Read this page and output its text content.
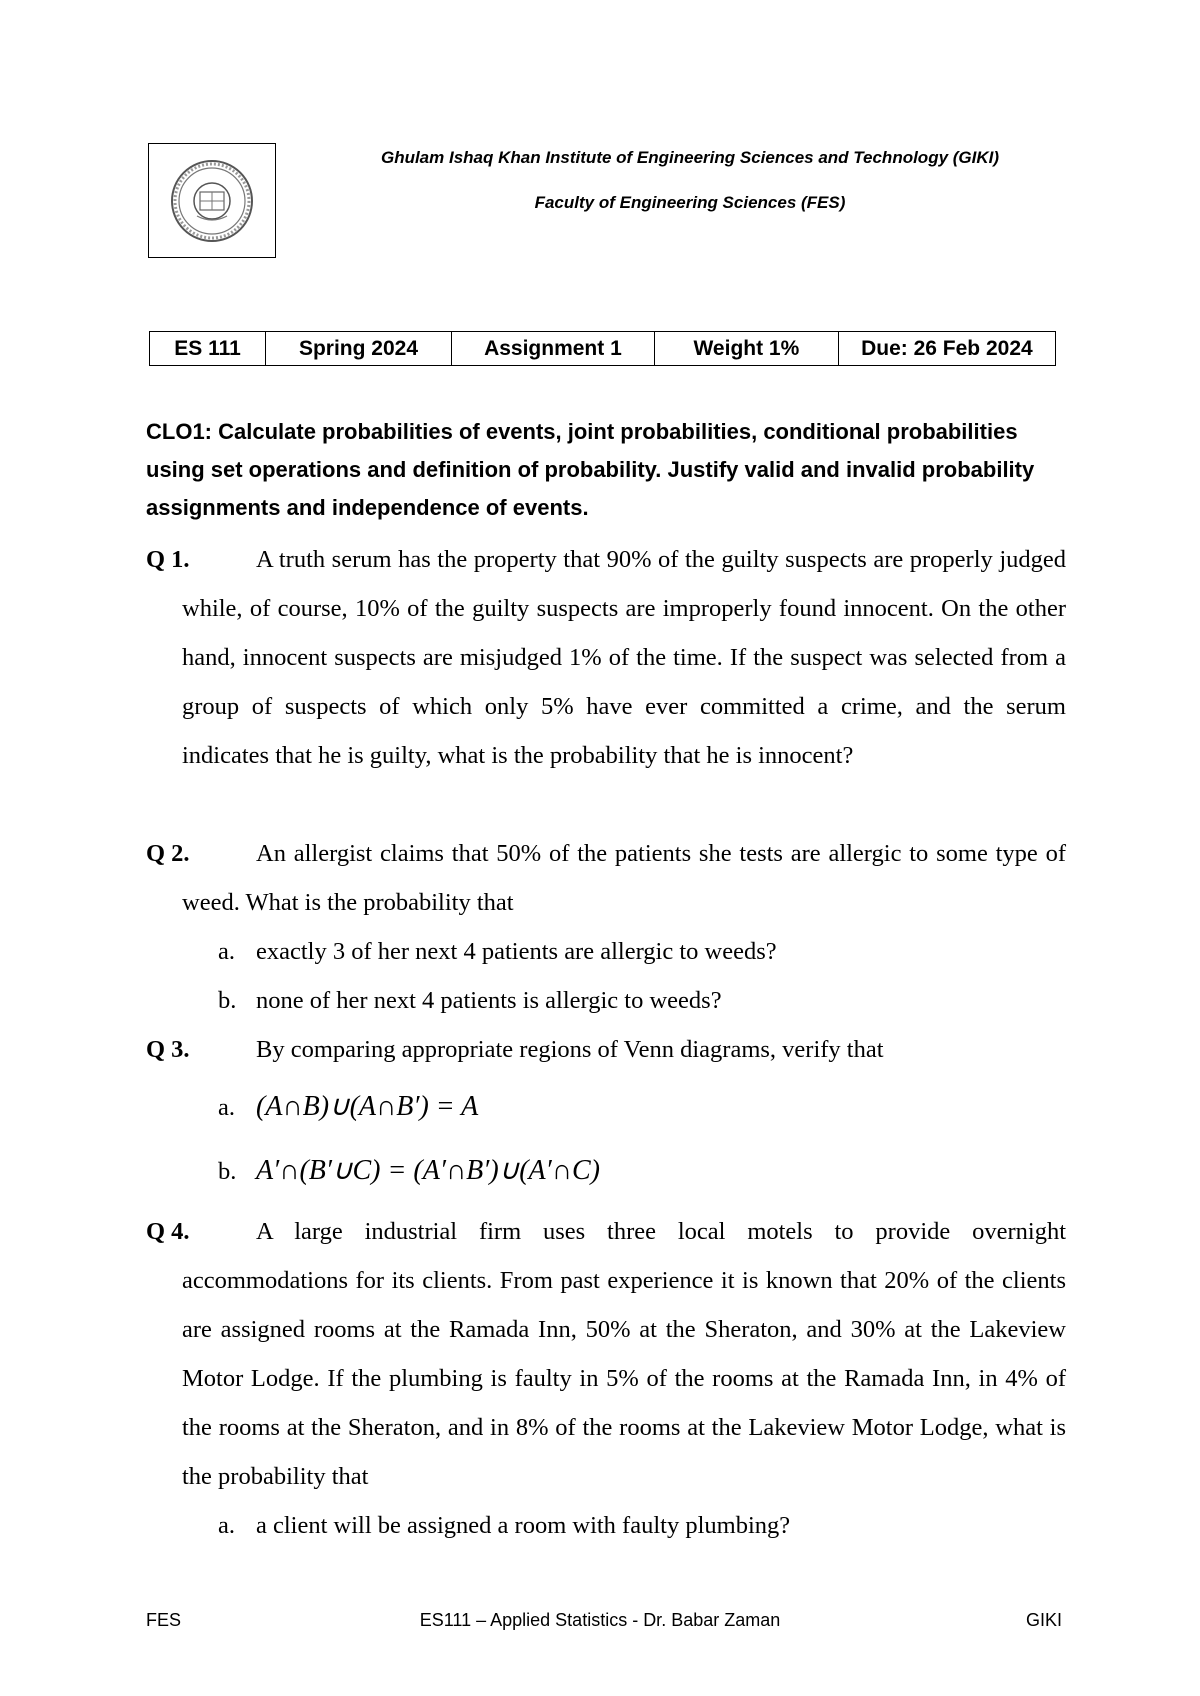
Ghulam Ishaq Khan Institute of Engineering Sciences and Technology (GIKI)
Faculty of Engineering Sciences (FES)
ES 111	Spring 2024	Assignment 1	Weight 1%	Due: 26 Feb 2024
CLO1: Calculate probabilities of events, joint probabilities, conditional probabilities using set operations and definition of probability. Justify valid and invalid probability assignments and independence of events.
Q 1.	A truth serum has the property that 90% of the guilty suspects are properly judged while, of course, 10% of the guilty suspects are improperly found innocent. On the other hand, innocent suspects are misjudged 1% of the time. If the suspect was selected from a group of suspects of which only 5% have ever committed a crime, and the serum indicates that he is guilty, what is the probability that he is innocent?
Q 2.	An allergist claims that 50% of the patients she tests are allergic to some type of weed. What is the probability that
a. exactly 3 of her next 4 patients are allergic to weeds?
b. none of her next 4 patients is allergic to weeds?
Q 3.	By comparing appropriate regions of Venn diagrams, verify that
a. (A∩B)∪(A∩B′) = A
b. A′∩(B′∪C) = (A′∩B′)∪(A′∩C)
Q 4.	A large industrial firm uses three local motels to provide overnight accommodations for its clients. From past experience it is known that 20% of the clients are assigned rooms at the Ramada Inn, 50% at the Sheraton, and 30% at the Lakeview Motor Lodge. If the plumbing is faulty in 5% of the rooms at the Ramada Inn, in 4% of the rooms at the Sheraton, and in 8% of the rooms at the Lakeview Motor Lodge, what is the probability that
a. a client will be assigned a room with faulty plumbing?
FES	ES111 – Applied Statistics - Dr. Babar Zaman	GIKI
